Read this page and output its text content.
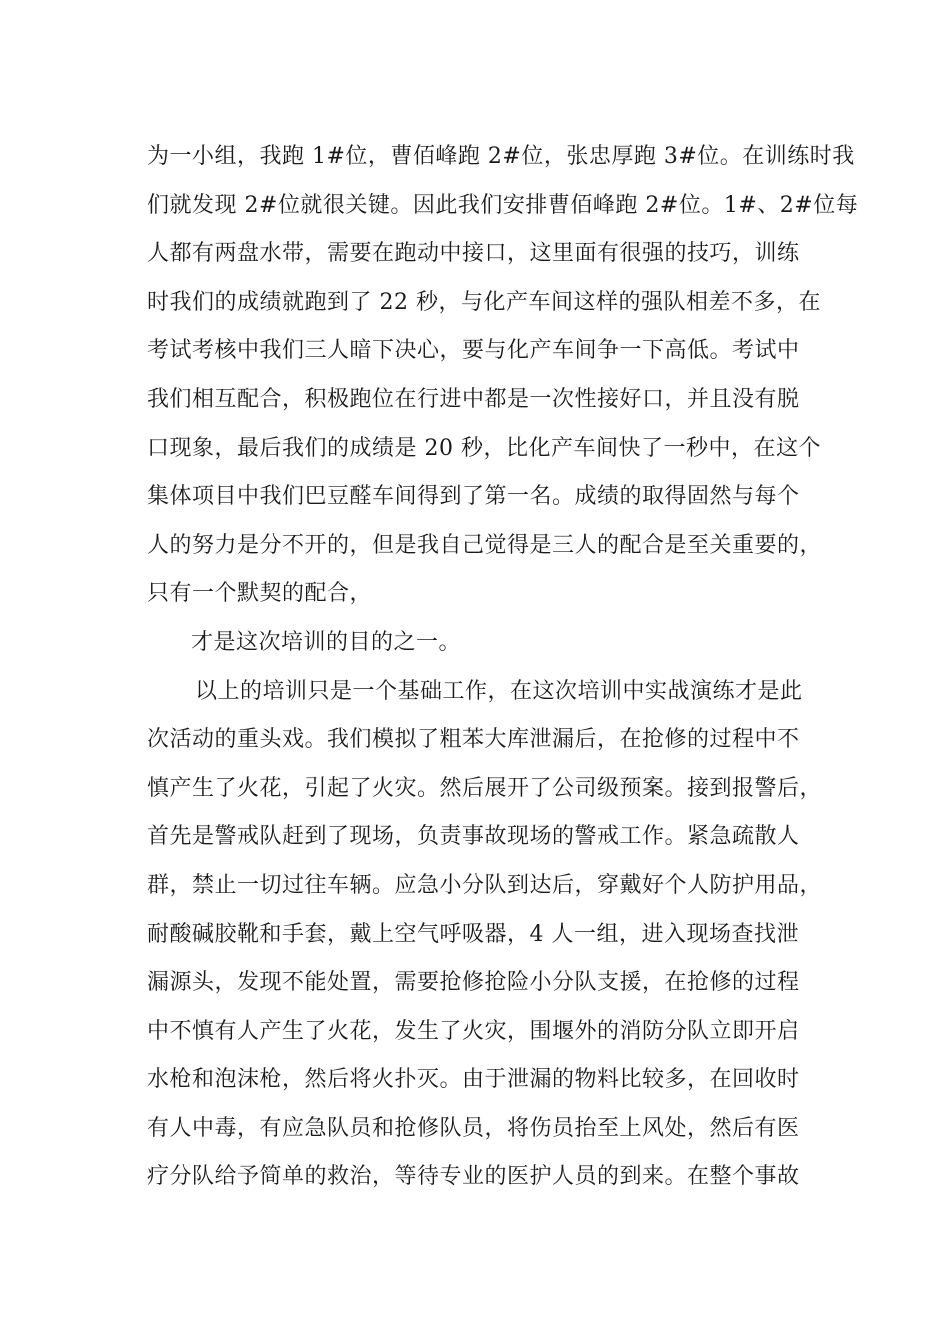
为一小组，我跑 1#位，曹佰峰跑 2#位，张忠厚跑 3#位。在训练时我
们就发现 2#位就很关键。因此我们安排曹佰峰跑 2#位。1#、2#位每
人都有两盘水带，需要在跑动中接口，这里面有很强的技巧，训练
时我们的成绩就跑到了 22 秒，与化产车间这样的强队相差不多，在
考试考核中我们三人暗下决心，要与化产车间争一下高低。考试中
我们相互配合，积极跑位在行进中都是一次性接好口，并且没有脱
口现象，最后我们的成绩是 20 秒，比化产车间快了一秒中，在这个
集体项目中我们巴豆醛车间得到了第一名。成绩的取得固然与每个
人的努力是分不开的，但是我自己觉得是三人的配合是至关重要的，
只有一个默契的配合，
才是这次培训的目的之一。
以上的培训只是一个基础工作，在这次培训中实战演练才是此
次活动的重头戏。我们模拟了粗苯大库泄漏后，在抢修的过程中不
慎产生了火花，引起了火灾。然后展开了公司级预案。接到报警后，
首先是警戒队赶到了现场，负责事故现场的警戒工作。紧急疏散人
群，禁止一切过往车辆。应急小分队到达后，穿戴好个人防护用品，
耐酸碱胶靴和手套，戴上空气呼吸器，4 人一组，进入现场查找泄
漏源头，发现不能处置，需要抢修抢险小分队支援，在抢修的过程
中不慎有人产生了火花，发生了火灾，围堰外的消防分队立即开启
水枪和泡沫枪，然后将火扑灭。由于泄漏的物料比较多，在回收时
有人中毒，有应急队员和抢修队员，将伤员抬至上风处，然后有医
疗分队给予简单的救治，等待专业的医护人员的到来。在整个事故
